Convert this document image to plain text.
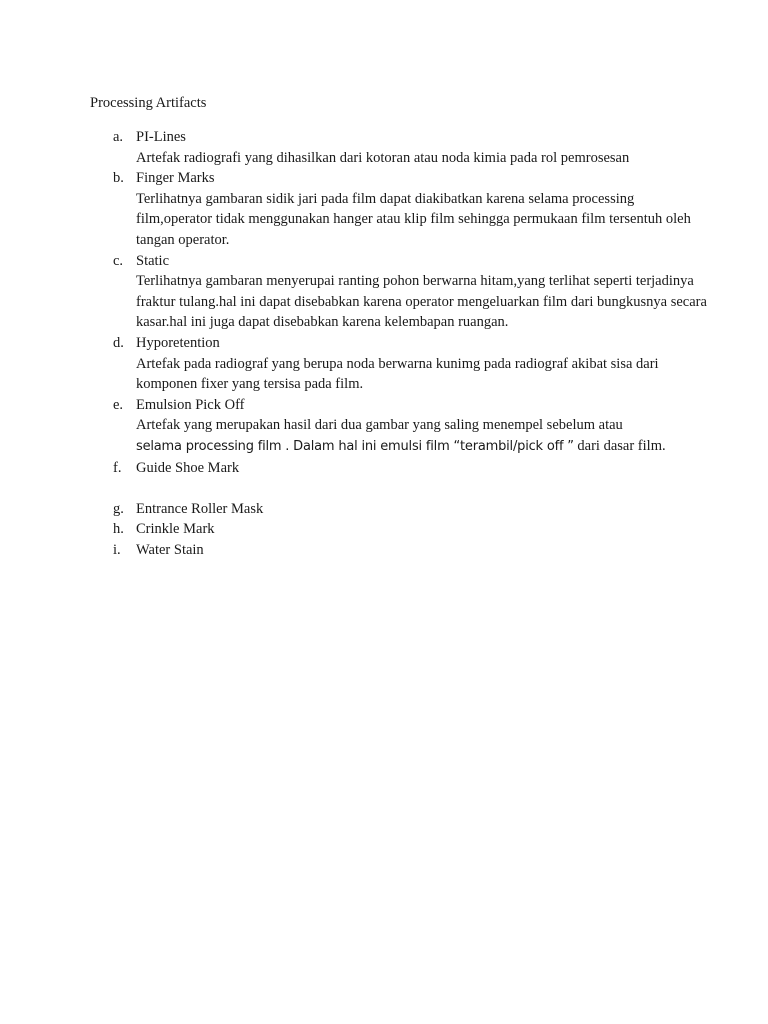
Processing Artifacts
a. PI-Lines
Artefak radiografi yang dihasilkan dari kotoran atau noda kimia pada rol pemrosesan
b. Finger Marks
Terlihatnya gambaran sidik jari pada film dapat diakibatkan karena selama processing film,operator tidak menggunakan hanger atau klip film sehingga permukaan film tersentuh oleh tangan operator.
c. Static
Terlihatnya gambaran menyerupai ranting pohon berwarna hitam,yang terlihat seperti terjadinya fraktur tulang.hal ini dapat disebabkan karena operator mengeluarkan film dari bungkusnya secara kasar.hal ini juga dapat disebabkan karena kelembapan ruangan.
d. Hyporetention
Artefak pada radiograf yang berupa noda berwarna kunimg pada radiograf akibat sisa dari komponen fixer yang tersisa pada film.
e. Emulsion Pick Off
Artefak yang merupakan hasil dari dua gambar yang saling menempel sebelum atau
selama processing film . Dalam hal ini emulsi film “terambil/pick off ” dari dasar film.
f. Guide Shoe Mark
g. Entrance Roller Mask
h. Crinkle Mark
i. Water Stain
